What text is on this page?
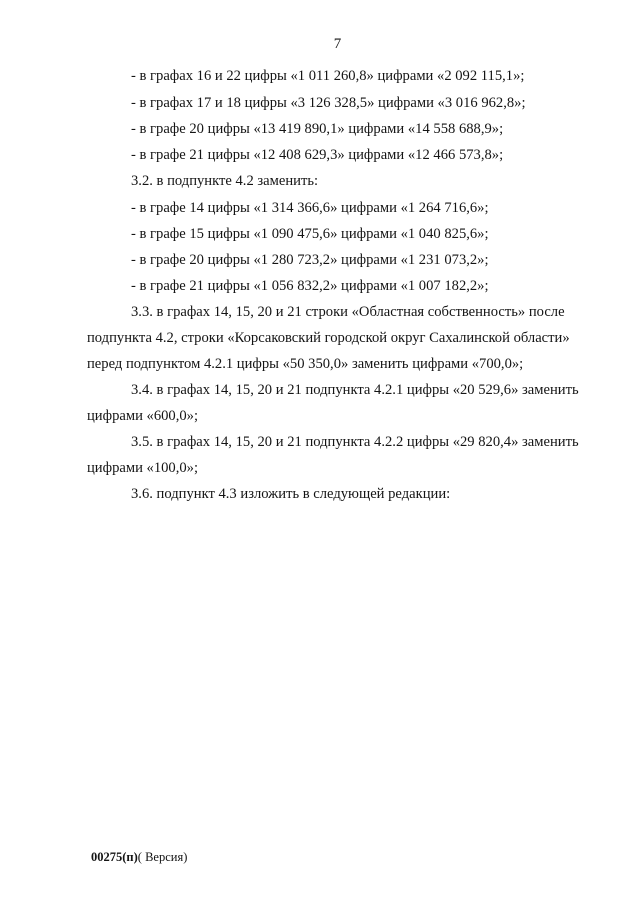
7
- в графах 16 и 22 цифры «1 011 260,8» цифрами «2 092 115,1»;
- в графах 17 и 18 цифры «3 126 328,5» цифрами «3 016 962,8»;
- в графе 20 цифры «13 419 890,1» цифрами «14 558 688,9»;
- в графе 21 цифры «12 408 629,3» цифрами «12 466 573,8»;
3.2. в подпункте 4.2 заменить:
- в графе 14 цифры «1 314 366,6» цифрами «1 264 716,6»;
- в графе 15 цифры «1 090 475,6» цифрами «1 040 825,6»;
- в графе 20 цифры «1 280 723,2» цифрами «1 231 073,2»;
- в графе 21 цифры «1 056 832,2» цифрами «1 007 182,2»;
3.3. в графах 14, 15, 20 и 21 строки «Областная собственность» после
подпункта 4.2, строки «Корсаковский городской округ Сахалинской области»
перед подпунктом 4.2.1 цифры «50 350,0» заменить цифрами «700,0»;
3.4. в графах 14, 15, 20 и 21 подпункта 4.2.1 цифры «20 529,6» заменить
цифрами «600,0»;
3.5. в графах 14, 15, 20 и 21 подпункта 4.2.2 цифры «29 820,4» заменить
цифрами «100,0»;
3.6. подпункт 4.3 изложить в следующей редакции:
00275(п)( Версия)
